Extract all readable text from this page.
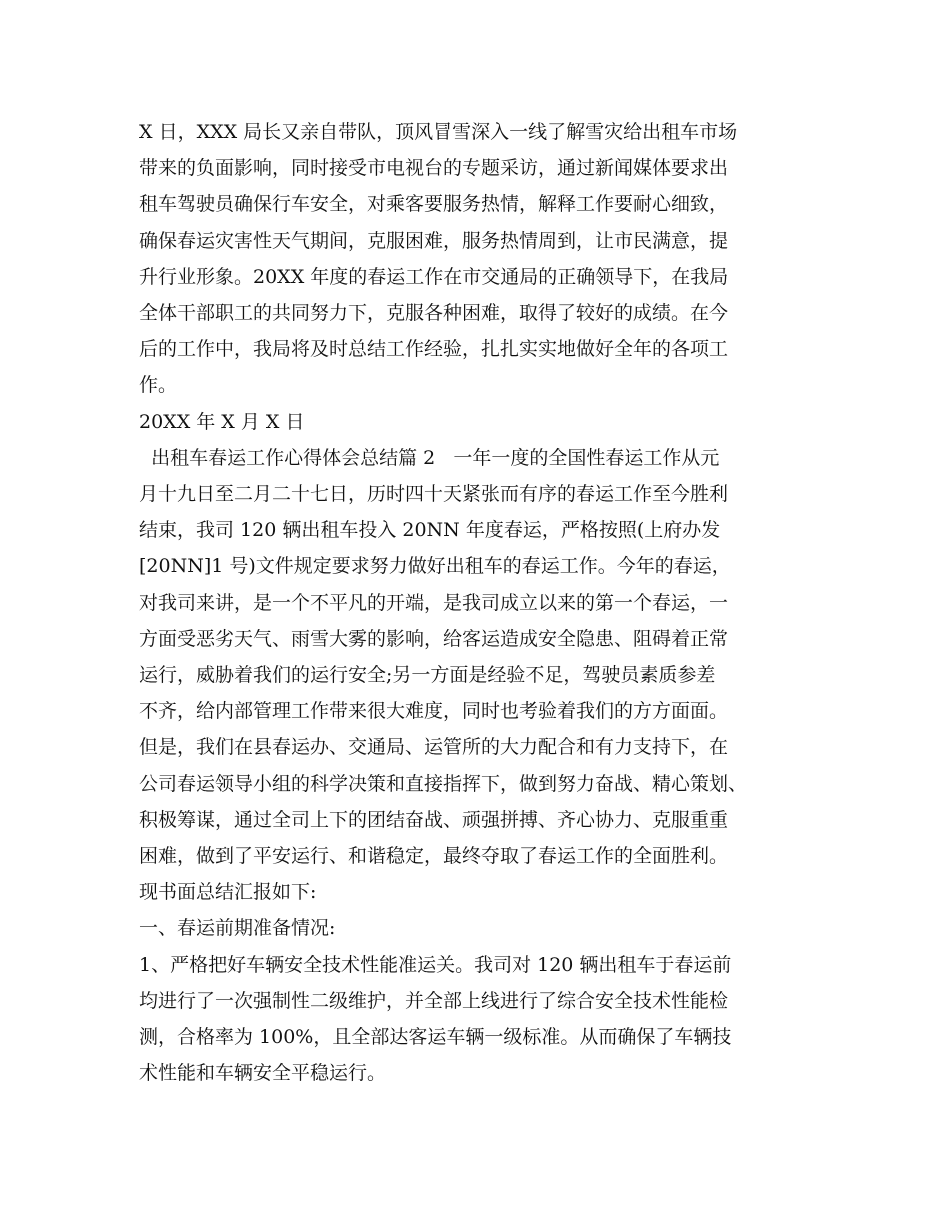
X 日，XXX 局长又亲自带队，顶风冒雪深入一线了解雪灾给出租车市场
带来的负面影响，同时接受市电视台的专题采访，通过新闻媒体要求出
租车驾驶员确保行车安全，对乘客要服务热情，解释工作要耐心细致，
确保春运灾害性天气期间，克服困难，服务热情周到，让市民满意，提
升行业形象。20XX 年度的春运工作在市交通局的正确领导下，在我局
全体干部职工的共同努力下，克服各种困难，取得了较好的成绩。在今
后的工作中，我局将及时总结工作经验，扎扎实实地做好全年的各项工
作。
20XX 年 X 月 X 日
出租车春运工作心得体会总结篇 2   一年一度的全国性春运工作从元
月十九日至二月二十七日，历时四十天紧张而有序的春运工作至今胜利
结束，我司 120 辆出租车投入 20NN 年度春运，严格按照(上府办发
[20NN]1 号)文件规定要求努力做好出租车的春运工作。今年的春运，
对我司来讲，是一个不平凡的开端，是我司成立以来的第一个春运，一
方面受恶劣天气、雨雪大雾的影响，给客运造成安全隐患、阻碍着正常
运行，威胁着我们的运行安全;另一方面是经验不足，驾驶员素质参差
不齐，给内部管理工作带来很大难度，同时也考验着我们的方方面面。
但是，我们在县春运办、交通局、运管所的大力配合和有力支持下，在
公司春运领导小组的科学决策和直接指挥下，做到努力奋战、精心策划、
积极筹谋，通过全司上下的团结奋战、顽强拼搏、齐心协力、克服重重
困难，做到了平安运行、和谐稳定，最终夺取了春运工作的全面胜利。
现书面总结汇报如下:
一、春运前期准备情况:
1、严格把好车辆安全技术性能准运关。我司对 120 辆出租车于春运前
均进行了一次强制性二级维护，并全部上线进行了综合安全技术性能检
测，合格率为 100%，且全部达客运车辆一级标准。从而确保了车辆技
术性能和车辆安全平稳运行。
